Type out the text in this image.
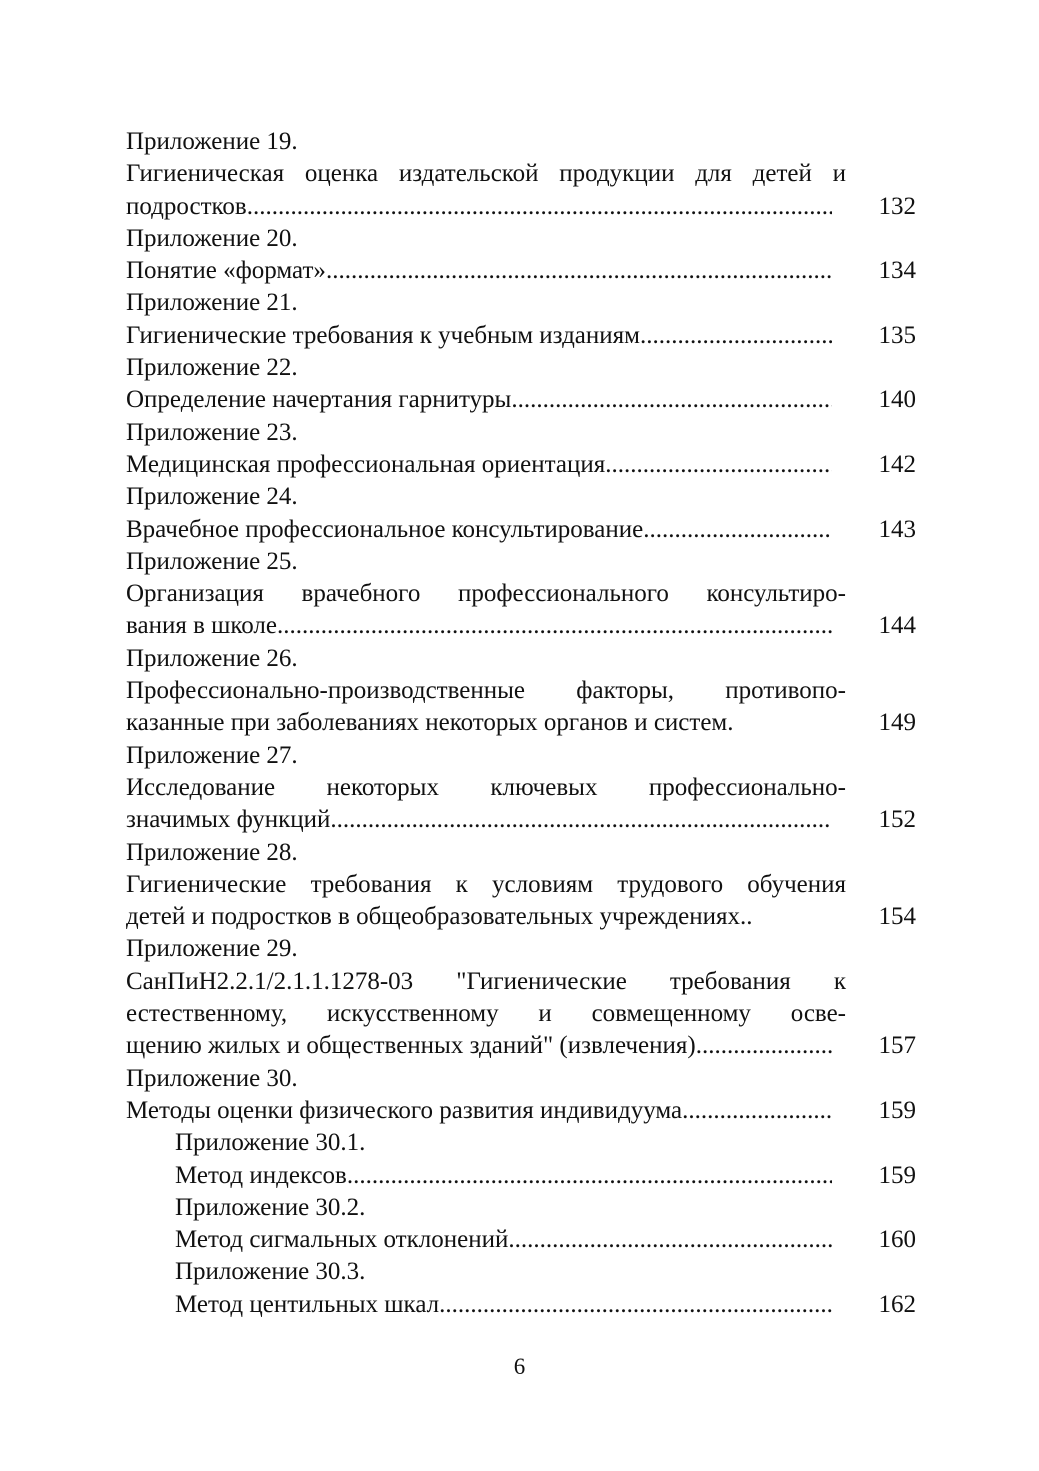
Приложение 19.
Гигиеническая оценка издательской продукции для детей и
подростков .....	132
Приложение 20.
Понятие «формат» .....	134
Приложение 21.
Гигиенические требования к учебным изданиям .....	135
Приложение 22.
Определение начертания гарнитуры .....	140
Приложение 23.
Медицинская профессиональная ориентация .....	142
Приложение 24.
Врачебное профессиональное консультирование .....	143
Приложение 25.
Организация врачебного профессионального консультиро-
вания в школе .....	144
Приложение 26.
Профессионально-производственные факторы, противопо-
казанные при заболеваниях некоторых органов и систем.	149
Приложение 27.
Исследование некоторых ключевых профессионально-
значимых функций .....	152
Приложение 28.
Гигиенические требования к условиям трудового обучения
детей и подростков в общеобразовательных учреждениях..	154
Приложение 29.
СанПиН2.2.1/2.1.1.1278-03 "Гигиенические требования к
естественному, искусственному и совмещенному осве-
щению жилых и общественных зданий" (извлечения) .....	157
Приложение 30.
Методы оценки физического развития индивидуума .....	159
Приложение 30.1.
Метод индексов .....	159
Приложение 30.2.
Метод сигмальных отклонений .....	160
Приложение 30.3.
Метод центильных шкал .....	162
6
